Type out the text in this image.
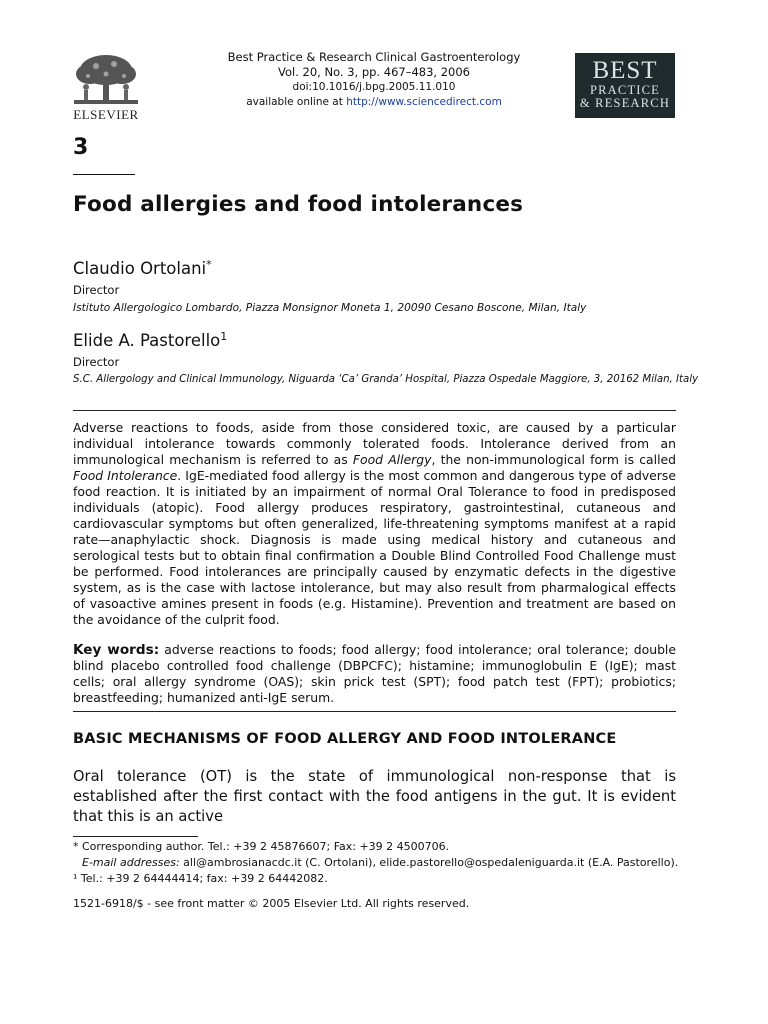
ELSEVIER
Best Practice & Research Clinical Gastroenterology
Vol. 20, No. 3, pp. 467–483, 2006
doi:10.1016/j.bpg.2005.11.010
available online at http://www.sciencedirect.com
BEST
PRACTICE
& RESEARCH
3
Food allergies and food intolerances
Claudio Ortolani*
Director
Istituto Allergologico Lombardo, Piazza Monsignor Moneta 1, 20090 Cesano Boscone, Milan, Italy
Elide A. Pastorello$^1$
Director
S.C. Allergology and Clinical Immunology, Niguarda ‘Ca’ Granda’ Hospital, Piazza Ospedale Maggiore, 3, 20162 Milan, Italy

Adverse reactions to foods, aside from those considered toxic, are caused by a particular individual intolerance towards commonly tolerated foods. Intolerance derived from an immunological mechanism is referred to as Food Allergy, the non-immunological form is called Food Intolerance. IgE-mediated food allergy is the most common and dangerous type of adverse food reaction. It is initiated by an impairment of normal Oral Tolerance to food in predisposed individuals (atopic). Food allergy produces respiratory, gastrointestinal, cutaneous and cardiovascular symptoms but often generalized, life-threatening symptoms manifest at a rapid rate—anaphylactic shock. Diagnosis is made using medical history and cutaneous and serological tests but to obtain final confirmation a Double Blind Controlled Food Challenge must be performed. Food intolerances are principally caused by enzymatic defects in the digestive system, as is the case with lactose intolerance, but may also result from pharmalogical effects of vasoactive amines present in foods (e.g. Histamine). Prevention and treatment are based on the avoidance of the culprit food.

Key words: adverse reactions to foods; food allergy; food intolerance; oral tolerance; double blind placebo controlled food challenge (DBPCFC); histamine; immunoglobulin E (IgE); mast cells; oral allergy syndrome (OAS); skin prick test (SPT); food patch test (FPT); probiotics; breastfeeding; humanized anti-IgE serum.

BASIC MECHANISMS OF FOOD ALLERGY AND FOOD INTOLERANCE

Oral tolerance (OT) is the state of immunological non-response that is established after the first contact with the food antigens in the gut. It is evident that this is an active

* Corresponding author. Tel.: +39 2 45876607; Fax: +39 2 4500706.
E-mail addresses: all@ambrosianacdc.it (C. Ortolani), elide.pastorello@ospedaleniguarda.it (E.A. Pastorello).
¹ Tel.: +39 2 64444414; fax: +39 2 64442082.
1521-6918/$ - see front matter © 2005 Elsevier Ltd. All rights reserved.
